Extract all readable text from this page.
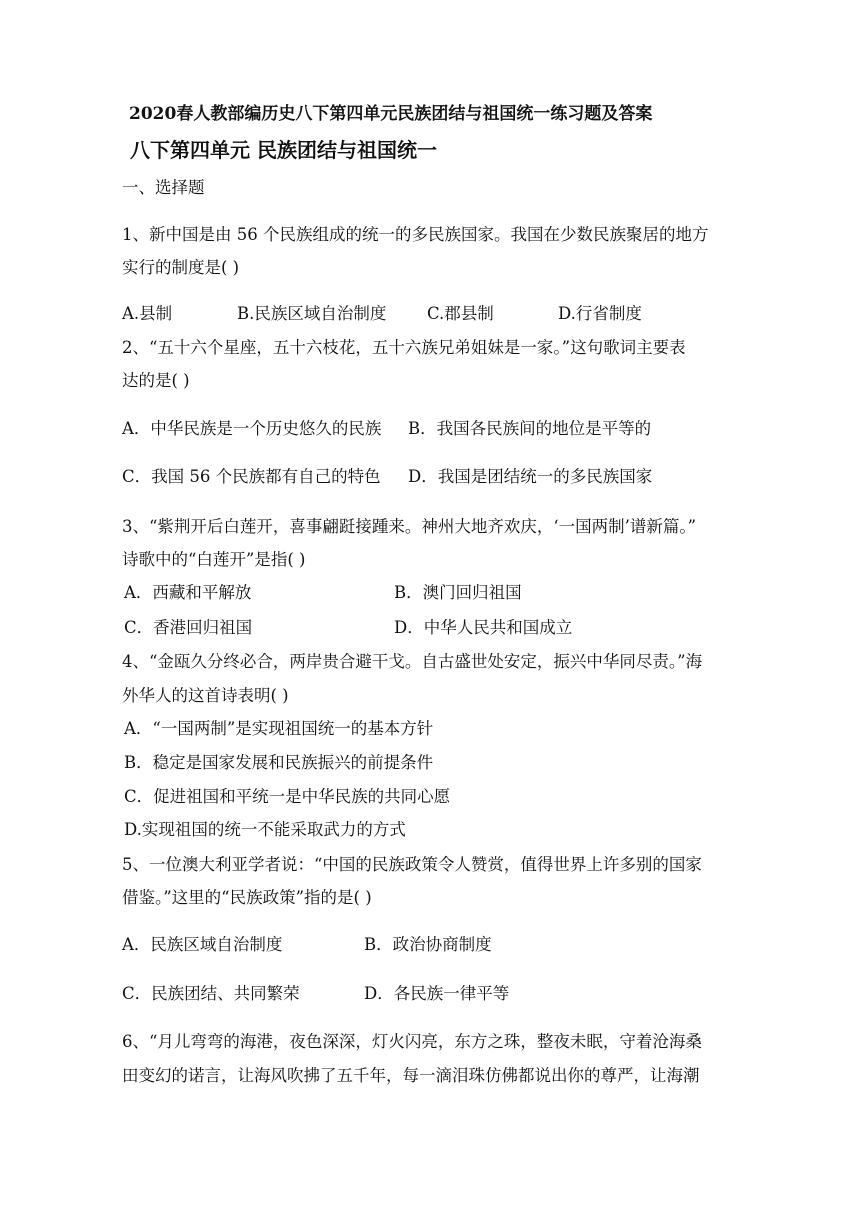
2020春人教部编历史八下第四单元民族团结与祖国统一练习题及答案
八下第四单元 民族团结与祖国统一
一、选择题
1、新中国是由 56 个民族组成的统一的多民族国家。我国在少数民族聚居的地方
实行的制度是( )
A.县制	B.民族区域自治制度 C.郡县制	D.行省制度
2、“五十六个星座，五十六枝花，五十六族兄弟姐妹是一家。”这句歌词主要表
达的是( )
A．中华民族是一个历史悠久的民族 B．我国各民族间的地位是平等的
C．我国 56 个民族都有自己的特色 D．我国是团结统一的多民族国家
3、“紫荆开后白莲开，喜事翩跹接踵来。神州大地齐欢庆，‘一国两制’谱新篇。”
诗歌中的“白莲开”是指( )
A．西藏和平解放	B．澳门回归祖国
C．香港回归祖国	D．中华人民共和国成立
4、“金瓯久分终必合，两岸贵合避干戈。自古盛世处安定，振兴中华同尽责。”海
外华人的这首诗表明( )
A．“一国两制”是实现祖国统一的基本方针
B．稳定是国家发展和民族振兴的前提条件
C．促进祖国和平统一是中华民族的共同心愿
D.实现祖国的统一不能采取武力的方式
5、一位澳大利亚学者说：“中国的民族政策令人赞赏，值得世界上许多别的国家
借鉴。”这里的“民族政策”指的是( )
A．民族区域自治制度	B．政治协商制度
C．民族团结、共同繁荣	D．各民族一律平等
6、“月儿弯弯的海港，夜色深深，灯火闪亮，东方之珠，整夜未眠，守着沧海桑
田变幻的诺言，让海风吹拂了五千年，每一滴泪珠仿佛都说出你的尊严，让海潮
